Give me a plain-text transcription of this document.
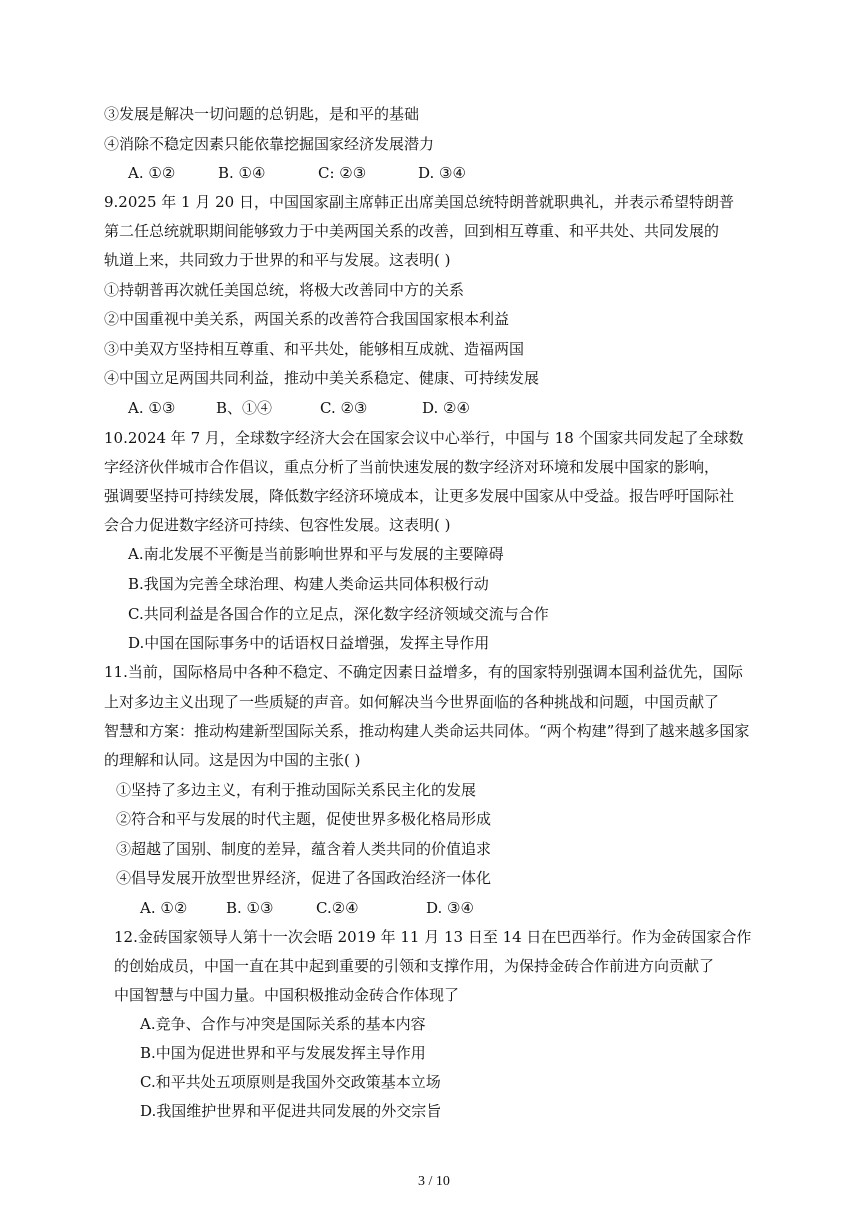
③发展是解决一切问题的总钥匙，是和平的基础
④消除不稳定因素只能依靠挖掘国家经济发展潜力
A. ①②	B. ①④	C: ②③	D. ③④
9.2025 年 1 月 20 日，中国国家副主席韩正出席美国总统特朗普就职典礼，并表示希望特朗普
第二任总统就职期间能够致力于中美两国关系的改善，回到相互尊重、和平共处、共同发展的
轨道上来，共同致力于世界的和平与发展。这表明( )
①持朝普再次就任美国总统，将极大改善同中方的关系
②中国重视中美关系，两国关系的改善符合我国国家根本利益
③中美双方坚持相互尊重、和平共处，能够相互成就、造福两国
④中国立足两国共同利益，推动中美关系稳定、健康、可持续发展
A. ①③	B、①④	C. ②③	D. ②④
10.2024 年 7 月，全球数字经济大会在国家会议中心举行，中国与 18 个国家共同发起了全球数
字经济伙伴城市合作倡议，重点分析了当前快速发展的数字经济对环境和发展中国家的影响，
强调要坚持可持续发展，降低数字经济环境成本，让更多发展中国家从中受益。报告呼吁国际社
会合力促进数字经济可持续、包容性发展。这表明( )
A.南北发展不平衡是当前影响世界和平与发展的主要障碍
B.我国为完善全球治理、构建人类命运共同体积极行动
C.共同利益是各国合作的立足点，深化数字经济领域交流与合作
D.中国在国际事务中的话语权日益增强，发挥主导作用
11.当前，国际格局中各种不稳定、不确定因素日益增多，有的国家特别强调本国利益优先，国际
上对多边主义出现了一些质疑的声音。如何解决当今世界面临的各种挑战和问题，中国贡献了
智慧和方案：推动构建新型国际关系，推动构建人类命运共同体。“两个构建”得到了越来越多国家
的理解和认同。这是因为中国的主张( )
①坚持了多边主义，有利于推动国际关系民主化的发展
②符合和平与发展的时代主题，促使世界多极化格局形成
③超越了国别、制度的差异，蕴含着人类共同的价值追求
④倡导发展开放型世界经济，促进了各国政治经济一体化
A. ①②	B. ①③	C.②④	D. ③④
12.金砖国家领导人第十一次会晤 2019 年 11 月 13 日至 14 日在巴西举行。作为金砖国家合作
的创始成员，中国一直在其中起到重要的引领和支撑作用，为保持金砖合作前进方向贡献了
中国智慧与中国力量。中国积极推动金砖合作体现了
A.竞争、合作与冲突是国际关系的基本内容
B.中国为促进世界和平与发展发挥主导作用
C.和平共处五项原则是我国外交政策基本立场
D.我国维护世界和平促进共同发展的外交宗旨
3 / 10
